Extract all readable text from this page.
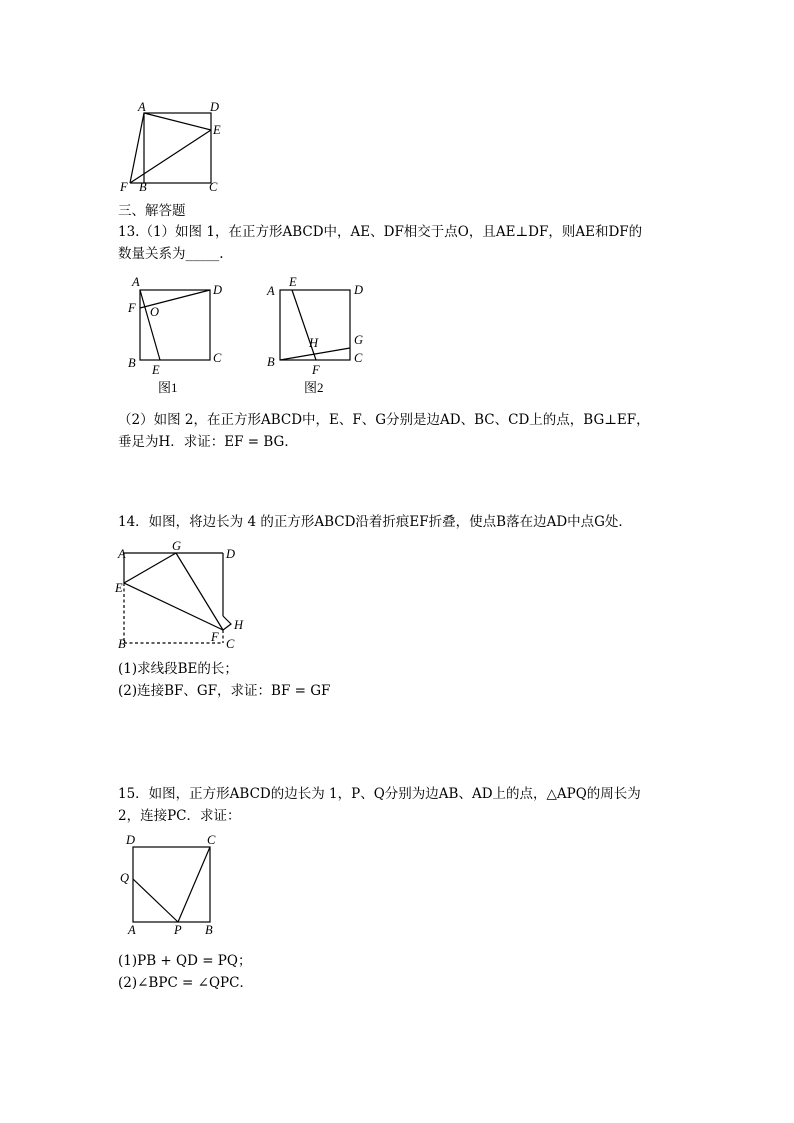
A	D
E
F B	C
三、解答题
13.（1）如图 1，在正方形ABCD中，AE、DF相交于点O，且AE⊥DF，则AE和DF的
数量关系为_____.
A
D
F O
B E
C
图1
A
E
D
G
H
B
F
C
图2
（2）如图 2，在正方形ABCD中，E、F、G分别是边AD、BC、CD上的点，BG⊥EF，
垂足为H．求证：EF = BG．
14．如图，将边长为 4 的正方形ABCD沿着折痕EF折叠，使点B落在边AD中点G处．
A
G
D
E
H
F
B	C
(1)求线段BE的长；
(2)连接BF、GF，求证：BF = GF
15．如图，正方形ABCD的边长为 1，P、Q分别为边AB、AD上的点，△APQ的周长为
2，连接PC．求证：
D	C
Q
A	P B
(1)PB + QD = PQ；
(2)∠BPC = ∠QPC．
